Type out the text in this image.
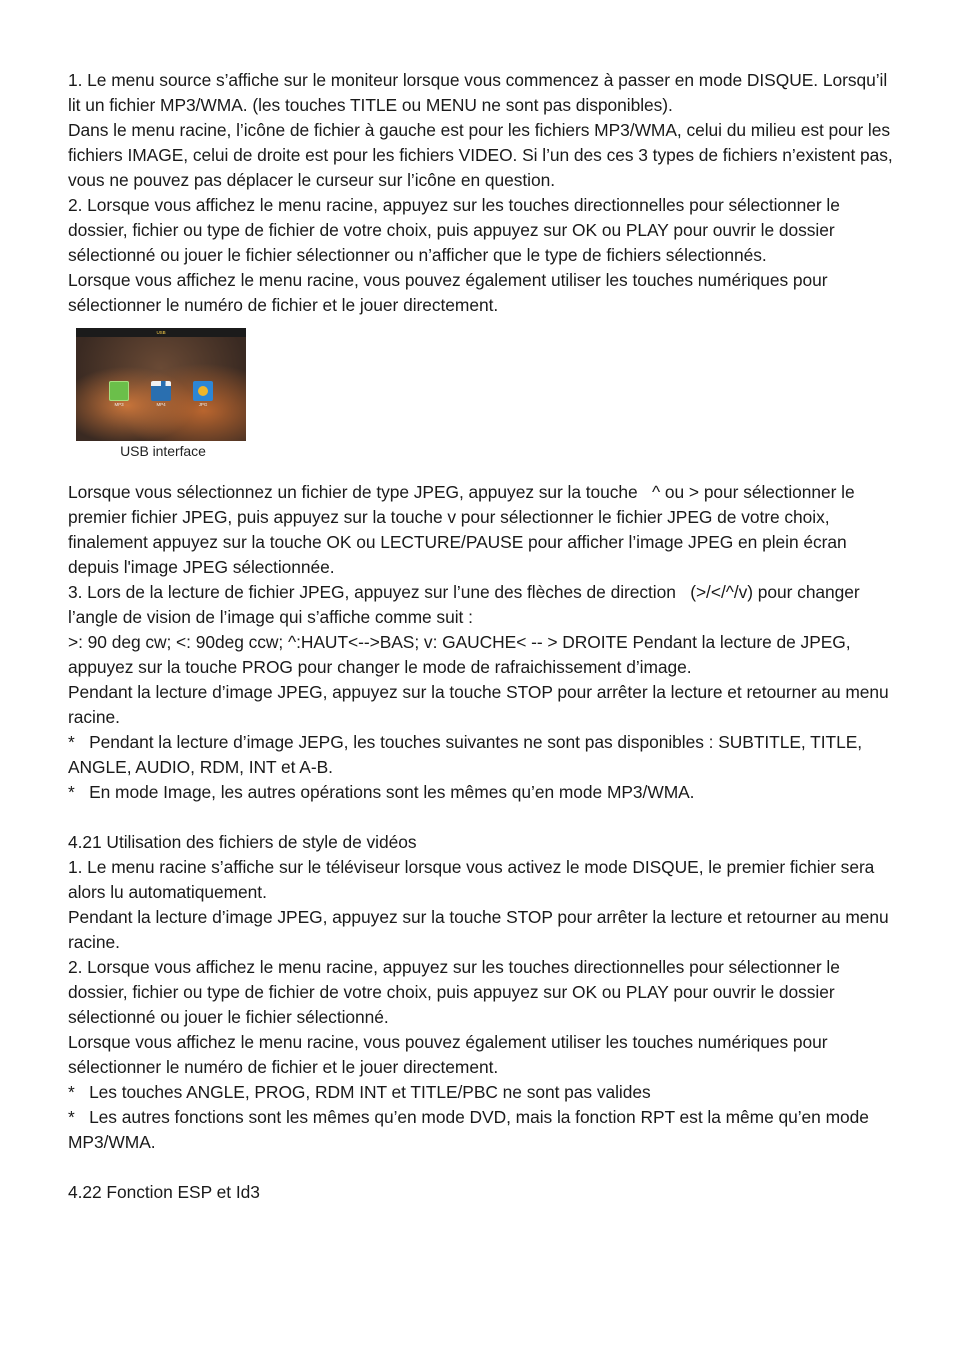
1. Le menu source s’affiche sur le moniteur lorsque vous commencez à passer en mode DISQUE. Lorsqu’il lit un fichier MP3/WMA. (les touches TITLE ou MENU ne sont pas disponibles).

Dans le menu racine, l’icône de fichier à gauche est pour les fichiers MP3/WMA, celui du milieu est pour les fichiers IMAGE, celui de droite est pour les fichiers VIDEO. Si l’un des ces 3 types de fichiers n’existent pas, vous ne pouvez pas déplacer le curseur sur l’icône en question.

2. Lorsque vous affichez le menu racine, appuyez sur les touches directionnelles pour sélectionner le dossier, fichier ou type de fichier de votre choix, puis appuyez sur OK ou PLAY pour ouvrir le dossier sélectionné ou jouer le fichier sélectionner ou n’afficher que le type de fichiers sélectionnés.

Lorsque vous affichez le menu racine, vous pouvez également utiliser les touches numériques pour sélectionner le numéro de fichier et le jouer directement.

USB
MP3	MP4	JPG
USB interface

Lorsque vous sélectionnez un fichier de type JPEG, appuyez sur la touche   ^ ou > pour sélectionner le premier fichier JPEG, puis appuyez sur la touche v pour sélectionner le fichier JPEG de votre choix, finalement appuyez sur la touche OK ou LECTURE/PAUSE pour afficher l’image JPEG en plein écran depuis l'image JPEG sélectionnée.

3. Lors de la lecture de fichier JPEG, appuyez sur l’une des flèches de direction   (>/</^/v) pour changer l’angle de vision de l’image qui s’affiche comme suit :

>: 90 deg cw; <: 90deg ccw; ^:HAUT<-->BAS; v: GAUCHE< -- > DROITE Pendant la lecture de JPEG, appuyez sur la touche PROG pour changer le mode de rafraichissement d’image.

Pendant la lecture d’image JPEG, appuyez sur la touche STOP pour arrêter la lecture et retourner au menu racine.

*   Pendant la lecture d’image JEPG, les touches suivantes ne sont pas disponibles : SUBTITLE, TITLE, ANGLE, AUDIO, RDM, INT et A-B.

*   En mode Image, les autres opérations sont les mêmes qu’en mode MP3/WMA.

4.21 Utilisation des fichiers de style de vidéos

1. Le menu racine s’affiche sur le téléviseur lorsque vous activez le mode DISQUE, le premier fichier sera alors lu automatiquement.

Pendant la lecture d’image JPEG, appuyez sur la touche STOP pour arrêter la lecture et retourner au menu racine.

2. Lorsque vous affichez le menu racine, appuyez sur les touches directionnelles pour sélectionner le dossier, fichier ou type de fichier de votre choix, puis appuyez sur OK ou PLAY pour ouvrir le dossier sélectionné ou jouer le fichier sélectionné.

Lorsque vous affichez le menu racine, vous pouvez également utiliser les touches numériques pour sélectionner le numéro de fichier et le jouer directement.

*   Les touches ANGLE, PROG, RDM INT et TITLE/PBC ne sont pas valides

*   Les autres fonctions sont les mêmes qu’en mode DVD, mais la fonction RPT est la même qu’en mode MP3/WMA.

4.22 Fonction ESP et Id3
